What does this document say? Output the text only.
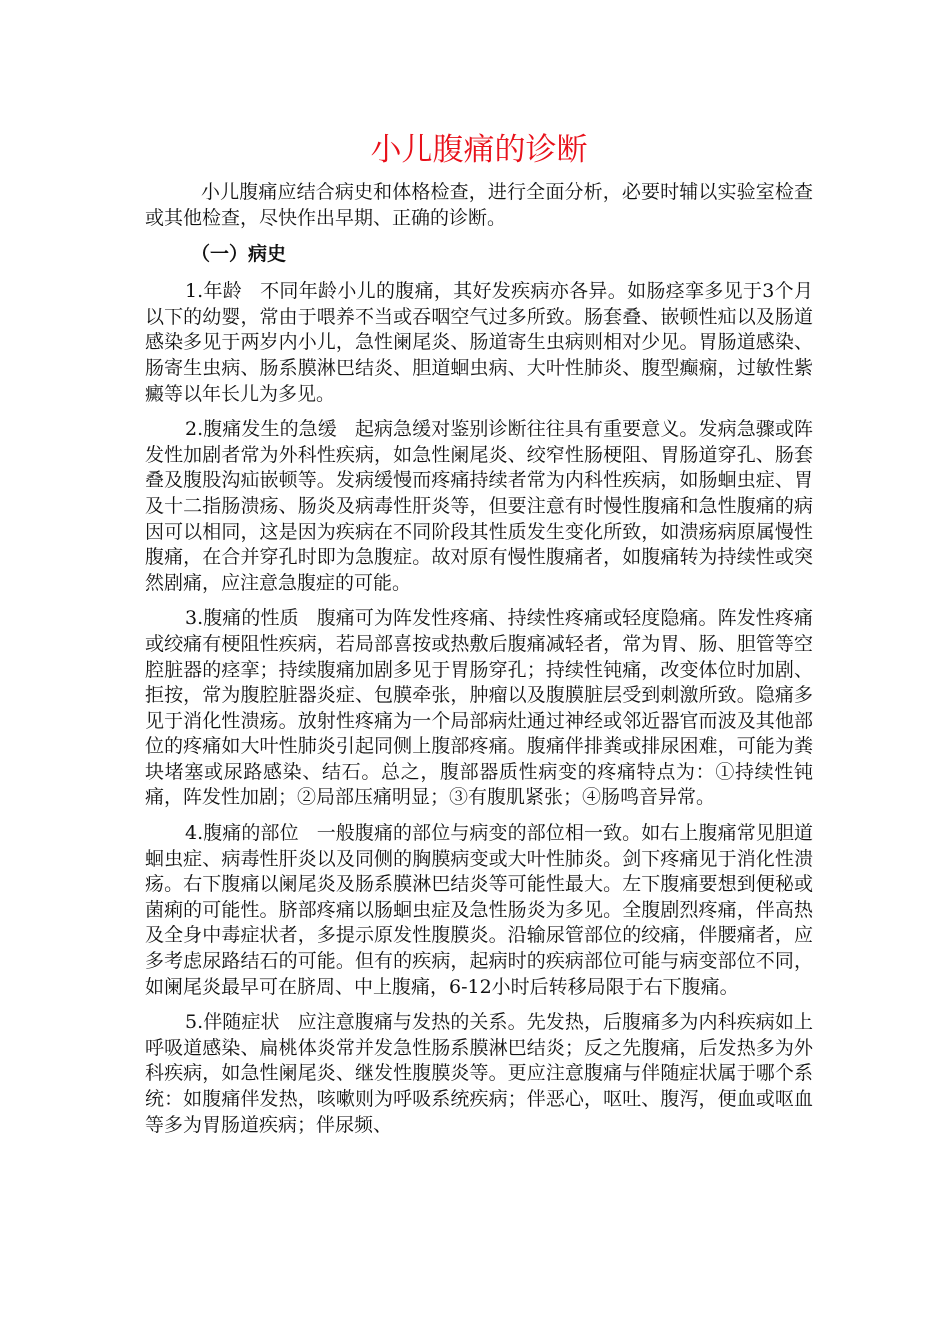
小儿腹痛的诊断

小儿腹痛应结合病史和体格检查，进行全面分析，必要时辅以实验室检查或其他检查，尽快作出早期、正确的诊断。

（一）病史

1.年龄 不同年龄小儿的腹痛，其好发疾病亦各异。如肠痉挛多见于3个月以下的幼婴，常由于喂养不当或吞咽空气过多所致。肠套叠、嵌顿性疝以及肠道感染多见于两岁内小儿，急性阑尾炎、肠道寄生虫病则相对少见。胃肠道感染、肠寄生虫病、肠系膜淋巴结炎、胆道蛔虫病、大叶性肺炎、腹型癫痫，过敏性紫癜等以年长儿为多见。

2.腹痛发生的急缓 起病急缓对鉴别诊断往往具有重要意义。发病急骤或阵发性加剧者常为外科性疾病，如急性阑尾炎、绞窄性肠梗阻、胃肠道穿孔、肠套叠及腹股沟疝嵌顿等。发病缓慢而疼痛持续者常为内科性疾病，如肠蛔虫症、胃及十二指肠溃疡、肠炎及病毒性肝炎等，但要注意有时慢性腹痛和急性腹痛的病因可以相同，这是因为疾病在不同阶段其性质发生变化所致，如溃疡病原属慢性腹痛，在合并穿孔时即为急腹症。故对原有慢性腹痛者，如腹痛转为持续性或突然剧痛，应注意急腹症的可能。

3.腹痛的性质 腹痛可为阵发性疼痛、持续性疼痛或轻度隐痛。阵发性疼痛或绞痛有梗阻性疾病，若局部喜按或热敷后腹痛减轻者，常为胃、肠、胆管等空腔脏器的痉挛；持续腹痛加剧多见于胃肠穿孔；持续性钝痛，改变体位时加剧、拒按，常为腹腔脏器炎症、包膜牵张，肿瘤以及腹膜脏层受到刺激所致。隐痛多见于消化性溃疡。放射性疼痛为一个局部病灶通过神经或邻近器官而波及其他部位的疼痛如大叶性肺炎引起同侧上腹部疼痛。腹痛伴排粪或排尿困难，可能为粪块堵塞或尿路感染、结石。总之，腹部器质性病变的疼痛特点为：①持续性钝痛，阵发性加剧；②局部压痛明显；③有腹肌紧张；④肠鸣音异常。

4.腹痛的部位 一般腹痛的部位与病变的部位相一致。如右上腹痛常见胆道蛔虫症、病毒性肝炎以及同侧的胸膜病变或大叶性肺炎。剑下疼痛见于消化性溃疡。右下腹痛以阑尾炎及肠系膜淋巴结炎等可能性最大。左下腹痛要想到便秘或菌痢的可能性。脐部疼痛以肠蛔虫症及急性肠炎为多见。全腹剧烈疼痛，伴高热及全身中毒症状者，多提示原发性腹膜炎。沿输尿管部位的绞痛，伴腰痛者，应多考虑尿路结石的可能。但有的疾病，起病时的疾病部位可能与病变部位不同，如阑尾炎最早可在脐周、中上腹痛，6-12小时后转移局限于右下腹痛。

5.伴随症状 应注意腹痛与发热的关系。先发热，后腹痛多为内科疾病如上呼吸道感染、扁桃体炎常并发急性肠系膜淋巴结炎；反之先腹痛，后发热多为外科疾病，如急性阑尾炎、继发性腹膜炎等。更应注意腹痛与伴随症状属于哪个系统：如腹痛伴发热，咳嗽则为呼吸系统疾病；伴恶心，呕吐、腹泻，便血或呕血等多为胃肠道疾病；伴尿频、
